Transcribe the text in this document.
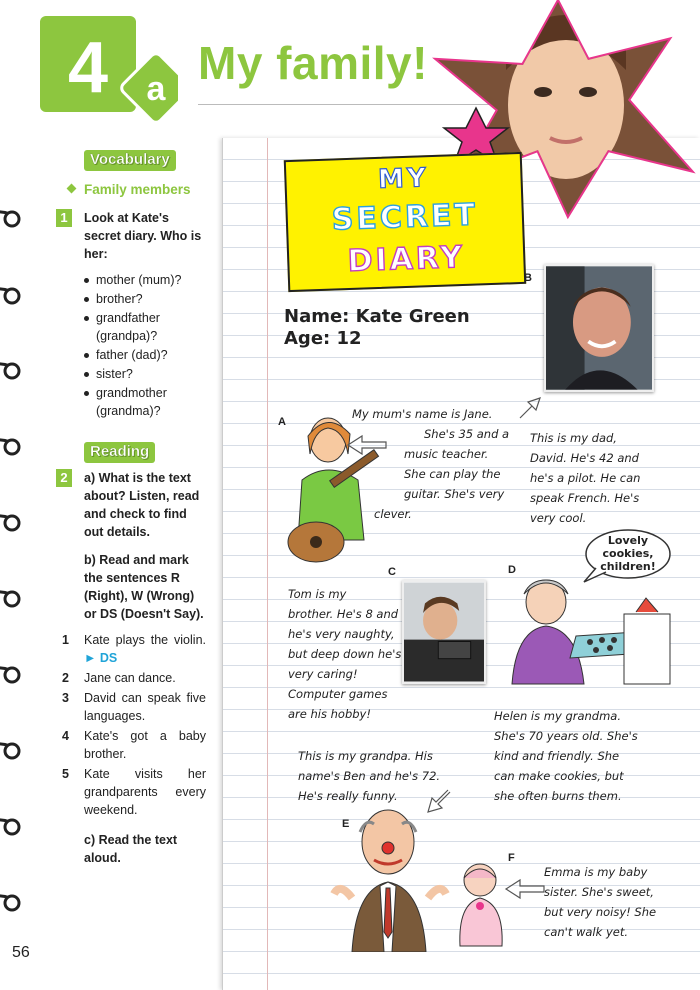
4 a My family!
Vocabulary
Family members
1	Look at Kate's secret diary. Who is her:
mother (mum)?
brother?
grandfather (grandpa)?
father (dad)?
sister?
grandmother (grandma)?
Reading
2	a) What is the text about? Listen, read and check to find out details.
b) Read and mark the sentences R (Right), W (Wrong) or DS (Doesn't Say).
1 Kate plays the violin. ► DS
2 Jane can dance.
3 David can speak five languages.
4 Kate's got a baby brother.
5 Kate visits her grandparents every weekend.
c) Read the text aloud.
56
MY
SECRET
DIARY
Name: Kate Green
Age: 12
B
A
My mum's name is Jane.
She's 35 and a
music teacher.
She can play the
guitar. She's very
clever.
This is my dad,
David. He's 42 and
he's a pilot. He can
speak French. He's
very cool.
Tom is my
brother. He's 8 and
he's very naughty,
but deep down he's
very caring!
Computer games
are his hobby!
C	D
Lovely
cookies,
children!
Helen is my grandma.
She's 70 years old. She's
kind and friendly. She
can make cookies, but
she often burns them.
This is my grandpa. His
name's Ben and he's 72.
He's really funny.
E
F
Emma is my baby
sister. She's sweet,
but very noisy! She
can't walk yet.
